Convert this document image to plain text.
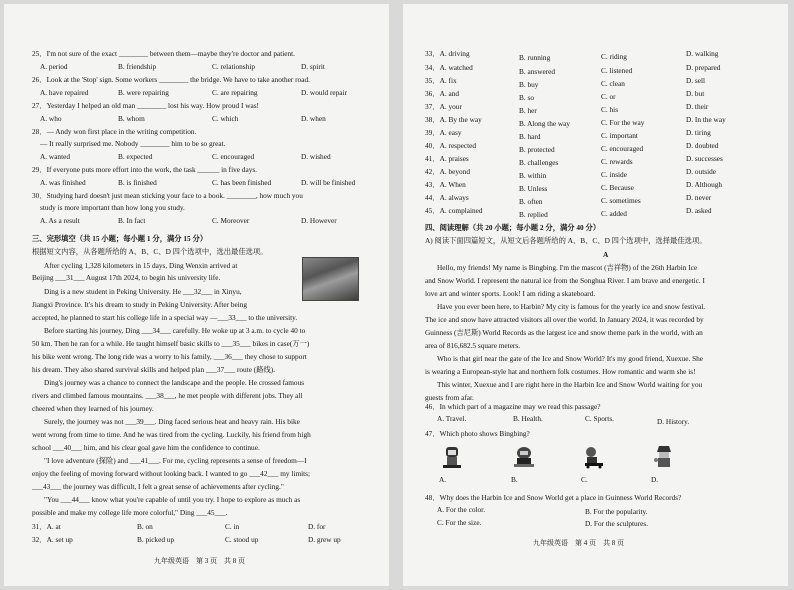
25．I'm not sure of the exact ________ between them—maybe they're doctor and patient.
A. period	B. friendship	C. relationship	D. spirit
26．Look at the 'Stop' sign. Some workers ________ the bridge. We have to take another road.
A. have repaired	B. were repairing	C. are repairing	D. would repair
27．Yesterday I helped an old man ________ lost his way. How proud I was!
A. who	B. whom	C. which	D. when
28．— Andy won first place in the writing competition.
— It really surprised me. Nobody ________ him to be so great.
A. wanted	B. expected	C. encouraged	D. wished
29．If everyone puts more effort into the work, the task ______ in five days.
A. was finished	B. is finished	C. has been finished	D. will be finished
30．Studying hard doesn't just mean sticking your face to a book. ________, how much you
study is more important than how long you study.
A. As a result	B. In fact	C. Moreover	D. However
三、完形填空（共 15 小题；每小题 1 分，满分 15 分）
根据短文内容，从各题所给的 A、B、C、D 四个选项中，选出最佳选项。
After cycling 1,328 kilometers in 15 days, Ding Wenxin arrived at
Beijing ___31___ August 17th 2024, to begin his university life.
Ding is a new student in Peking University. He ___32___ in Xinyu,
Jiangxi Province. It's his dream to study in Peking University. After being
accepted, he planned to start his college life in a special way —___33___ to the university.
Before starting his journey, Ding ___34___ carefully. He woke up at 3 a.m. to cycle 40 to
50 km. Then he ran for a while. He taught himself basic skills to ___35___ bikes in case(万一)
his bike went wrong. The long ride was a worry to his family, ___36___ they chose to support
his dream. They also shared survival skills and helped plan ___37___ route (路线).
Ding's journey was a chance to connect the landscape and the people. He crossed famous
rivers and climbed famous mountains. ___38___, he met people with different jobs. They all
cheered when they learned of his journey.
Surely, the journey was not ___39___. Ding faced serious heat and heavy rain. His bike
went wrong from time to time. And he was tired from the cycling. Luckily, his friend from high
school ___40___ him, and his clear goal gave him the confidence to continue.
"I love adventure (探险) and ___41___. For me, cycling represents a sense of freedom—I
enjoy the feeling of moving forward without looking back. I wanted to go ___42___ my limits;
___43___ the journey was difficult, I felt a great sense of achievements after cycling."
"You ___44___ know what you're capable of until you try. I hope to explore as much as
possible and make my college life more colorful," Ding ___45___.
31．A. at	B. on	C. in	D. for
32．A. set up	B. picked up	C. stood up	D. grew up
九年级英语　第 3 页　共 8 页
33．A. driving	B. running	C. riding	D. walking
34．A. watched	B. answered	C. listened	D. prepared
35．A. fix	B. buy	C. clean	D. sell
36．A. and	B. so	C. or	D. but
37．A. your	B. her	C. his	D. their
38．A. By the way	B. Along the way	C. For the way	D. In the way
39．A. easy	B. hard	C. important	D. tiring
40．A. respected	B. protected	C. encouraged	D. doubted
41．A. praises	B. challenges	C. rewards	D. successes
42．A. beyond	B. within	C. inside	D. outside
43．A. When	B. Unless	C. Because	D. Although
44．A. always	B. often	C. sometimes	D. never
45．A. complained	B. replied	C. added	D. asked
四、阅读理解（共 20 小题；每小题 2 分，满分 40 分）
A) 阅读下面四篇短文，从短文后各题所给的 A、B、C、D 四个选项中，选择最佳选项。
A
Hello, my friends! My name is Bingbing. I'm the mascot (吉祥物) of the 26th Harbin Ice
and Snow World. I represent the natural ice from the Songhua River. I am brave and energetic. I
love art and winter sports. Look! I am riding a skateboard.
Have you ever been here, to Harbin? My city is famous for the yearly ice and snow festival.
The ice and snow have attracted visitors all over the world. In January 2024, it was recorded by
Guinness (吉尼斯) World Records as the largest ice and snow theme park in the world, with an
area of 816,682.5 square meters.
Who is that girl near the gate of the Ice and Snow World? It's my good friend, Xuexue. She
is wearing a European-style hat and northern folk costumes. How romantic and warm she is!
This winter, Xuexue and I are right here in the Harbin Ice and Snow World waiting for you
guests from afar.
46．In which part of a magazine may we read this passage?
A. Travel.	B. Health.	C. Sports.	D. History.
47．Which photo shows Bingbing?
A.	B.	C.	D.
48．Why does the Harbin Ice and Snow World get a place in Guinness World Records?
A. For the color.	B. For the popularity.
C. For the size.	D. For the sculptures.
九年级英语　第 4 页　共 8 页
